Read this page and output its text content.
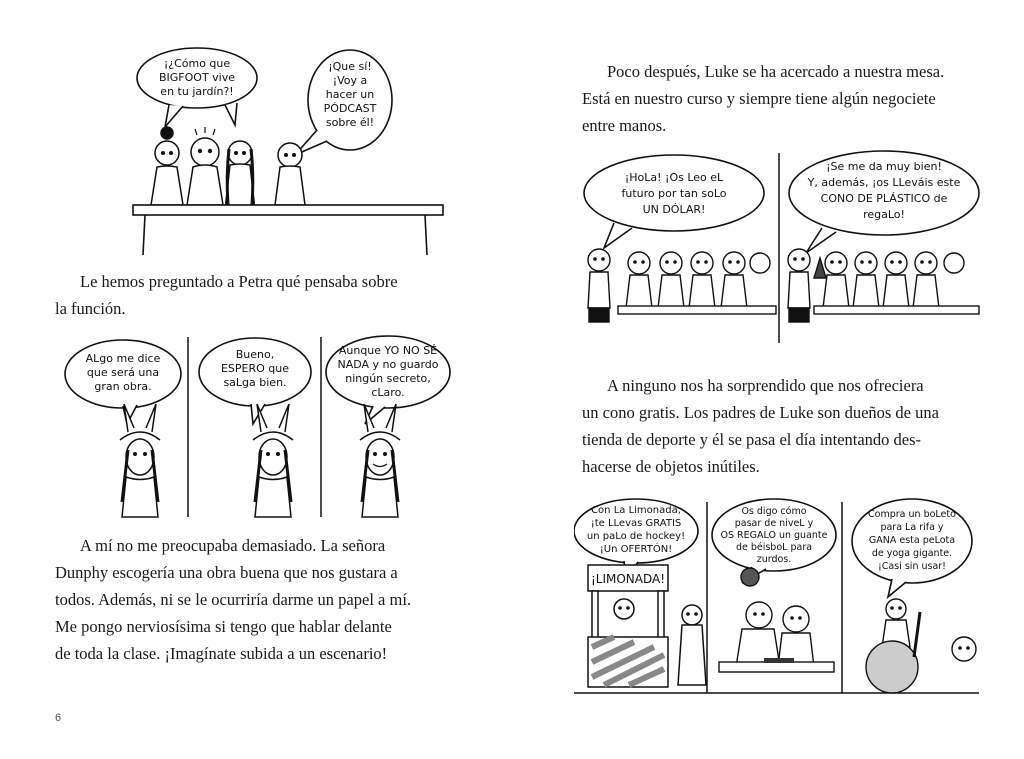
¡¿Cómo que
BIGFOOT vive
en tu jardín?!
¡Que sí!
¡Voy a
hacer un
PÓDCAST
sobre él!

Le hemos preguntado a Petra qué pensaba sobre
la función.

ALgo me dice
que será una
gran obra.
Bueno,
ESPERO que
saLga bien.
Aunque YO NO SÉ
NADA y no guardo
ningún secreto,
cLaro.

A mí no me preocupaba demasiado. La señora
Dunphy escogería una obra buena que nos gustara a
todos. Además, ni se le ocurriría darme un papel a mí.
Me pongo nerviosísima si tengo que hablar delante
de toda la clase. ¡Imagínate subida a un escenario!

6

Poco después, Luke se ha acercado a nuestra mesa.
Está en nuestro curso y siempre tiene algún negociete
entre manos.

¡HoLa! ¡Os Leo eL
futuro por tan soLo
UN DÓLAR!
¡Se me da muy bien!
Y, además, ¡os LLeváis este
CONO DE PLÁSTICO de
regaLo!

A ninguno nos ha sorprendido que nos ofreciera
un cono gratis. Los padres de Luke son dueños de una
tienda de deporte y él se pasa el día intentando des-
hacerse de objetos inútiles.

Con La Limonada,
¡te LLevas GRATIS
un paLo de hockey!
¡Un OFERTÓN!
¡LIMONADA!
Os digo cómo
pasar de niveL y
OS REGALO un guante
de béisboL para
zurdos.
Compra un boLeto
para La rifa y
GANA esta peLota
de yoga gigante.
¡Casi sin usar!
